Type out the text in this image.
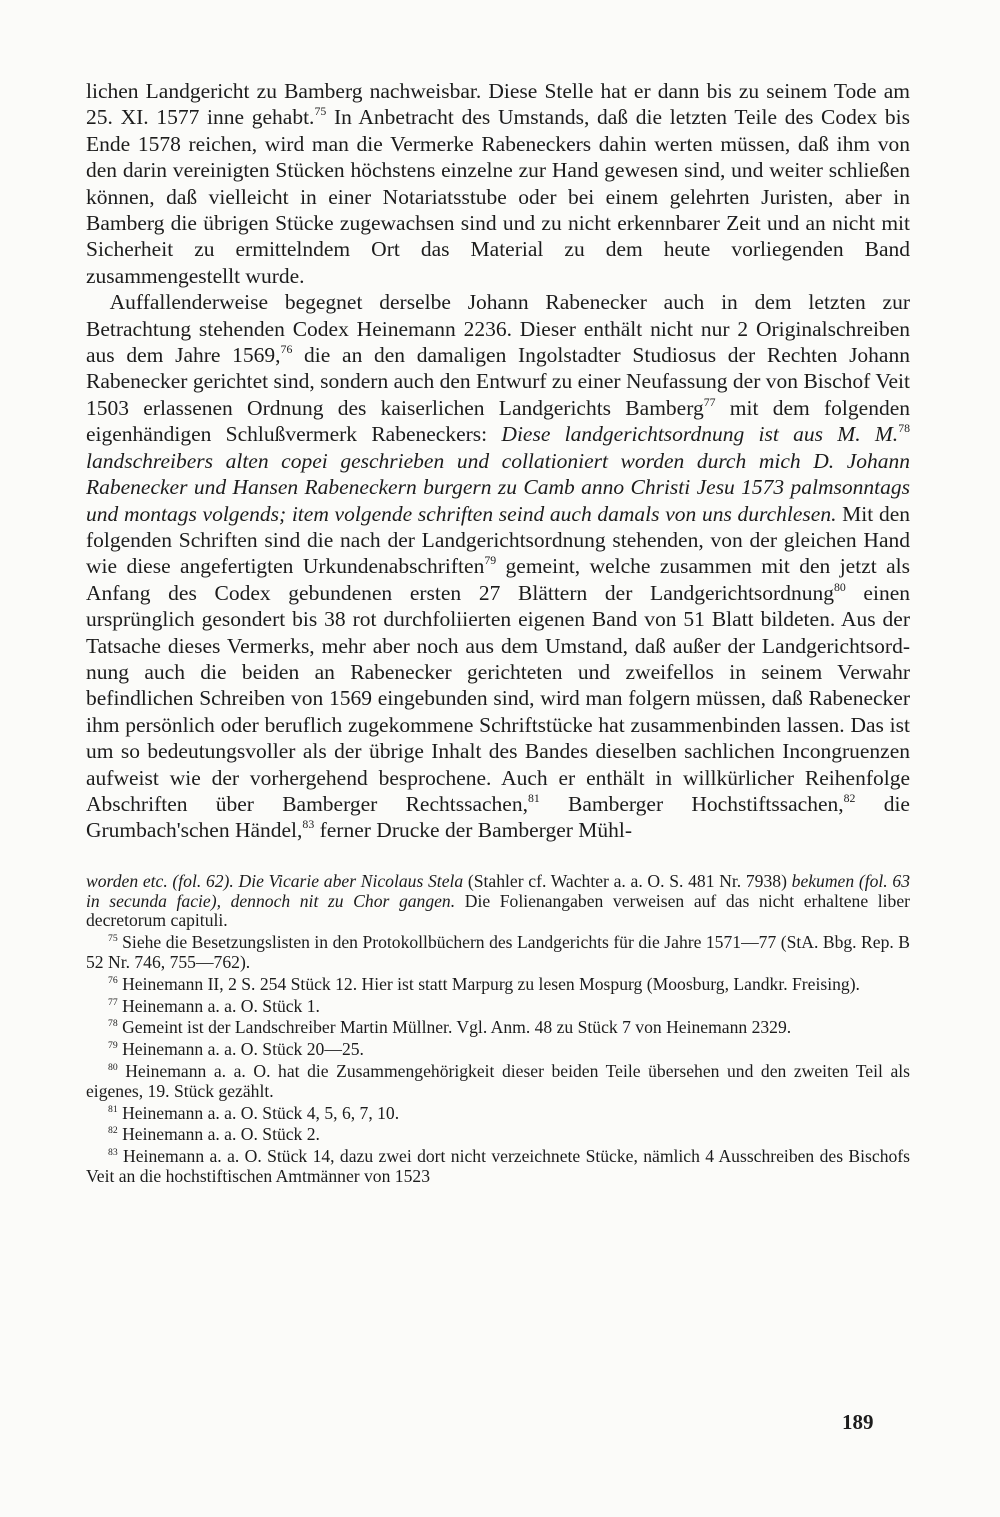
lichen Landgericht zu Bamberg nachweisbar. Diese Stelle hat er dann bis zu seinem Tode am 25. XI. 1577 inne gehabt.$^{75}$ In Anbetracht des Umstands, daß die letzten Teile des Codex bis Ende 1578 reichen, wird man die Vermerke Rabeneckers dahin werten müssen, daß ihm von den darin vereinigten Stücken höchstens einzelne zur Hand gewesen sind, und weiter schließen können, daß vielleicht in einer Notariatsstube oder bei einem gelehrten Juristen, aber in Bamberg die übrigen Stücke zugewachsen sind und zu nicht erkennbarer Zeit und an nicht mit Sicherheit zu ermittelndem Ort das Material zu dem heute vorliegenden Band zusammengestellt wurde.

Auffallenderweise begegnet derselbe Johann Rabenecker auch in dem letzten zur Betrachtung stehenden Codex Heinemann 2236. Dieser enthält nicht nur 2 Originalschreiben aus dem Jahre 1569,76 die an den damaligen Ingolstadter Studiosus der Rechten Johann Rabenecker gerichtet sind, sondern auch den Entwurf zu einer Neufassung der von Bischof Veit 1503 erlassenen Ordnung des kaiserlichen Landgerichts Bamberg$^{77}$ mit dem folgenden eigenhändigen Schlußvermerk Rabeneckers: Diese landgerichtsordnung ist aus M. M.$^{78}$ landschreibers alten copei geschrieben und collationiert worden durch mich D. Johann Rabenecker und Hansen Rabeneckern burgern zu Camb anno Christi Jesu 1573 palmsonntags und montags volgends; item volgende schriften seind auch damals von uns durchlesen. Mit den folgenden Schriften sind die nach der Landgerichtsordnung stehenden, von der gleichen Hand wie diese angefertigten Urkundenabschriften$^{79}$ gemeint, welche zusammen mit den jetzt als Anfang des Codex gebundenen ersten 27 Blättern der Landgerichtsordnung$^{80}$ einen ursprünglich gesondert bis 38 rot durchfoliierten eigenen Band von 51 Blatt bildeten. Aus der Tatsache dieses Vermerks, mehr aber noch aus dem Umstand, daß außer der Landgerichtsordnung auch die beiden an Rabenecker gerichteten und zweifellos in seinem Verwahr befindlichen Schreiben von 1569 eingebunden sind, wird man folgern müssen, daß Rabenecker ihm persönlich oder beruflich zugekommene Schriftstücke hat zusammenbinden lassen. Das ist um so bedeutungsvoller als der übrige Inhalt des Bandes dieselben sachlichen Incongruenzen aufweist wie der vorhergehend besprochene. Auch er enthält in willkürlicher Reihenfolge Abschriften über Bamberger Rechtssachen,$^{81}$ Bamberger Hochstiftssachen,$^{82}$ die Grumbach'schen Händel,$^{83}$ ferner Drucke der Bamberger Mühl-

worden etc. (fol. 62). Die Vicarie aber Nicolaus Stela (Stahler cf. Wachter a. a. O. S. 481 Nr. 7938) bekumen (fol. 63 in secunda facie), dennoch nit zu Chor gangen. Die Folienangaben verweisen auf das nicht erhaltene liber decretorum capituli.

$^{75}$ Siehe die Besetzungslisten in den Protokollbüchern des Landgerichts für die Jahre 1571—77 (StA. Bbg. Rep. B 52 Nr. 746, 755—762).

$^{76}$ Heinemann II, 2 S. 254 Stück 12. Hier ist statt Marpurg zu lesen Mospurg (Moosburg, Landkr. Freising).

$^{77}$ Heinemann a. a. O. Stück 1.

$^{78}$ Gemeint ist der Landschreiber Martin Müllner. Vgl. Anm. 48 zu Stück 7 von Heinemann 2329.

$^{79}$ Heinemann a. a. O. Stück 20—25.

$^{80}$ Heinemann a. a. O. hat die Zusammengehörigkeit dieser beiden Teile übersehen und den zweiten Teil als eigenes, 19. Stück gezählt.

$^{81}$ Heinemann a. a. O. Stück 4, 5, 6, 7, 10.

$^{82}$ Heinemann a. a. O. Stück 2.

$^{83}$ Heinemann a. a. O. Stück 14, dazu zwei dort nicht verzeichnete Stücke, nämlich 4 Ausschreiben des Bischofs Veit an die hochstiftischen Amtmänner von 1523

189
